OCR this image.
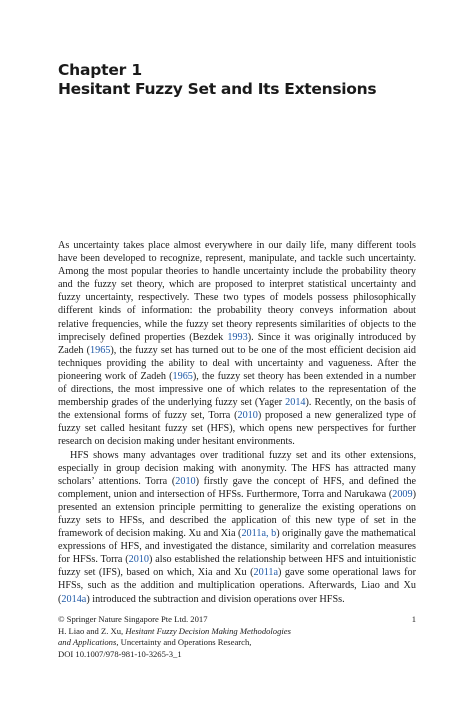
Chapter 1
Hesitant Fuzzy Set and Its Extensions

As uncertainty takes place almost everywhere in our daily life, many different tools have been developed to recognize, represent, manipulate, and tackle such uncertainty. Among the most popular theories to handle uncertainty include the probability theory and the fuzzy set theory, which are proposed to interpret statistical uncertainty and fuzzy uncertainty, respectively. These two types of models possess philosophically different kinds of information: the probability theory conveys information about relative frequencies, while the fuzzy set theory represents similarities of objects to the imprecisely defined properties (Bezdek 1993). Since it was originally introduced by Zadeh (1965), the fuzzy set has turned out to be one of the most efficient decision aid techniques providing the ability to deal with uncertainty and vagueness. After the pioneering work of Zadeh (1965), the fuzzy set theory has been extended in a number of directions, the most impressive one of which relates to the representation of the membership grades of the underlying fuzzy set (Yager 2014). Recently, on the basis of the extensional forms of fuzzy set, Torra (2010) proposed a new generalized type of fuzzy set called hesitant fuzzy set (HFS), which opens new perspectives for further research on decision making under hesitant environments.

HFS shows many advantages over traditional fuzzy set and its other extensions, especially in group decision making with anonymity. The HFS has attracted many scholars’ attentions. Torra (2010) firstly gave the concept of HFS, and defined the complement, union and intersection of HFSs. Furthermore, Torra and Narukawa (2009) presented an extension principle permitting to generalize the existing operations on fuzzy sets to HFSs, and described the application of this new type of set in the framework of decision making. Xu and Xia (2011a, b) originally gave the mathematical expressions of HFS, and investigated the distance, similarity and correlation measures for HFSs. Torra (2010) also established the relationship between HFS and intuitionistic fuzzy set (IFS), based on which, Xia and Xu (2011a) gave some operational laws for HFSs, such as the addition and multiplication operations. Afterwards, Liao and Xu (2014a) introduced the subtraction and division operations over HFSs.

© Springer Nature Singapore Pte Ltd. 2017
H. Liao and Z. Xu, Hesitant Fuzzy Decision Making Methodologies
and Applications, Uncertainty and Operations Research,
DOI 10.1007/978-981-10-3265-3_1
1
